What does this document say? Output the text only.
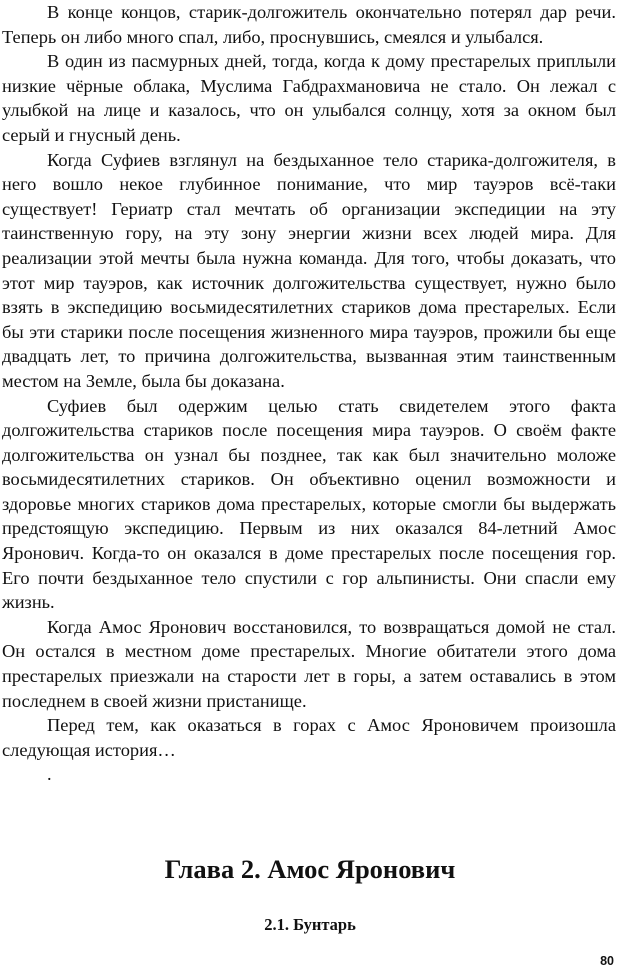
В конце концов, старик-долгожитель окончательно потерял дар речи. Теперь он либо много спал, либо, проснувшись, смеялся и улыбался.

В один из пасмурных дней, тогда, когда к дому престарелых приплыли низкие чёрные облака, Муслима Габдрахмановича не стало. Он лежал с улыбкой на лице и казалось, что он улыбался солнцу, хотя за окном был серый и гнусный день.

Когда Суфиев взглянул на бездыханное тело старика-долгожителя, в него вошло некое глубинное понимание, что мир тауэров всё-таки существует! Гериатр стал мечтать об организации экспедиции на эту таинственную гору, на эту зону энергии жизни всех людей мира. Для реализации этой мечты была нужна команда. Для того, чтобы доказать, что этот мир тауэров, как источник долгожительства существует, нужно было взять в экспедицию восьмидесятилетних стариков дома престарелых. Если бы эти старики после посещения жизненного мира тауэров, прожили бы еще двадцать лет, то причина долгожительства, вызванная этим таинственным местом на Земле, была бы доказана.

Суфиев был одержим целью стать свидетелем этого факта долгожительства стариков после посещения мира тауэров. О своём факте долгожительства он узнал бы позднее, так как был значительно моложе восьмидесятилетних стариков. Он объективно оценил возможности и здоровье многих стариков дома престарелых, которые смогли бы выдержать предстоящую экспедицию. Первым из них оказался 84-летний Амос Яронович. Когда-то он оказался в доме престарелых после посещения гор. Его почти бездыханное тело спустили с гор альпинисты. Они спасли ему жизнь.

Когда Амос Яронович восстановился, то возвращаться домой не стал. Он остался в местном доме престарелых. Многие обитатели этого дома престарелых приезжали на старости лет в горы, а затем оставались в этом последнем в своей жизни пристанище.

Перед тем, как оказаться в горах с Амос Яроновичем произошла следующая история…

.

Глава 2. Амос Яронович
2.1. Бунтарь
80
